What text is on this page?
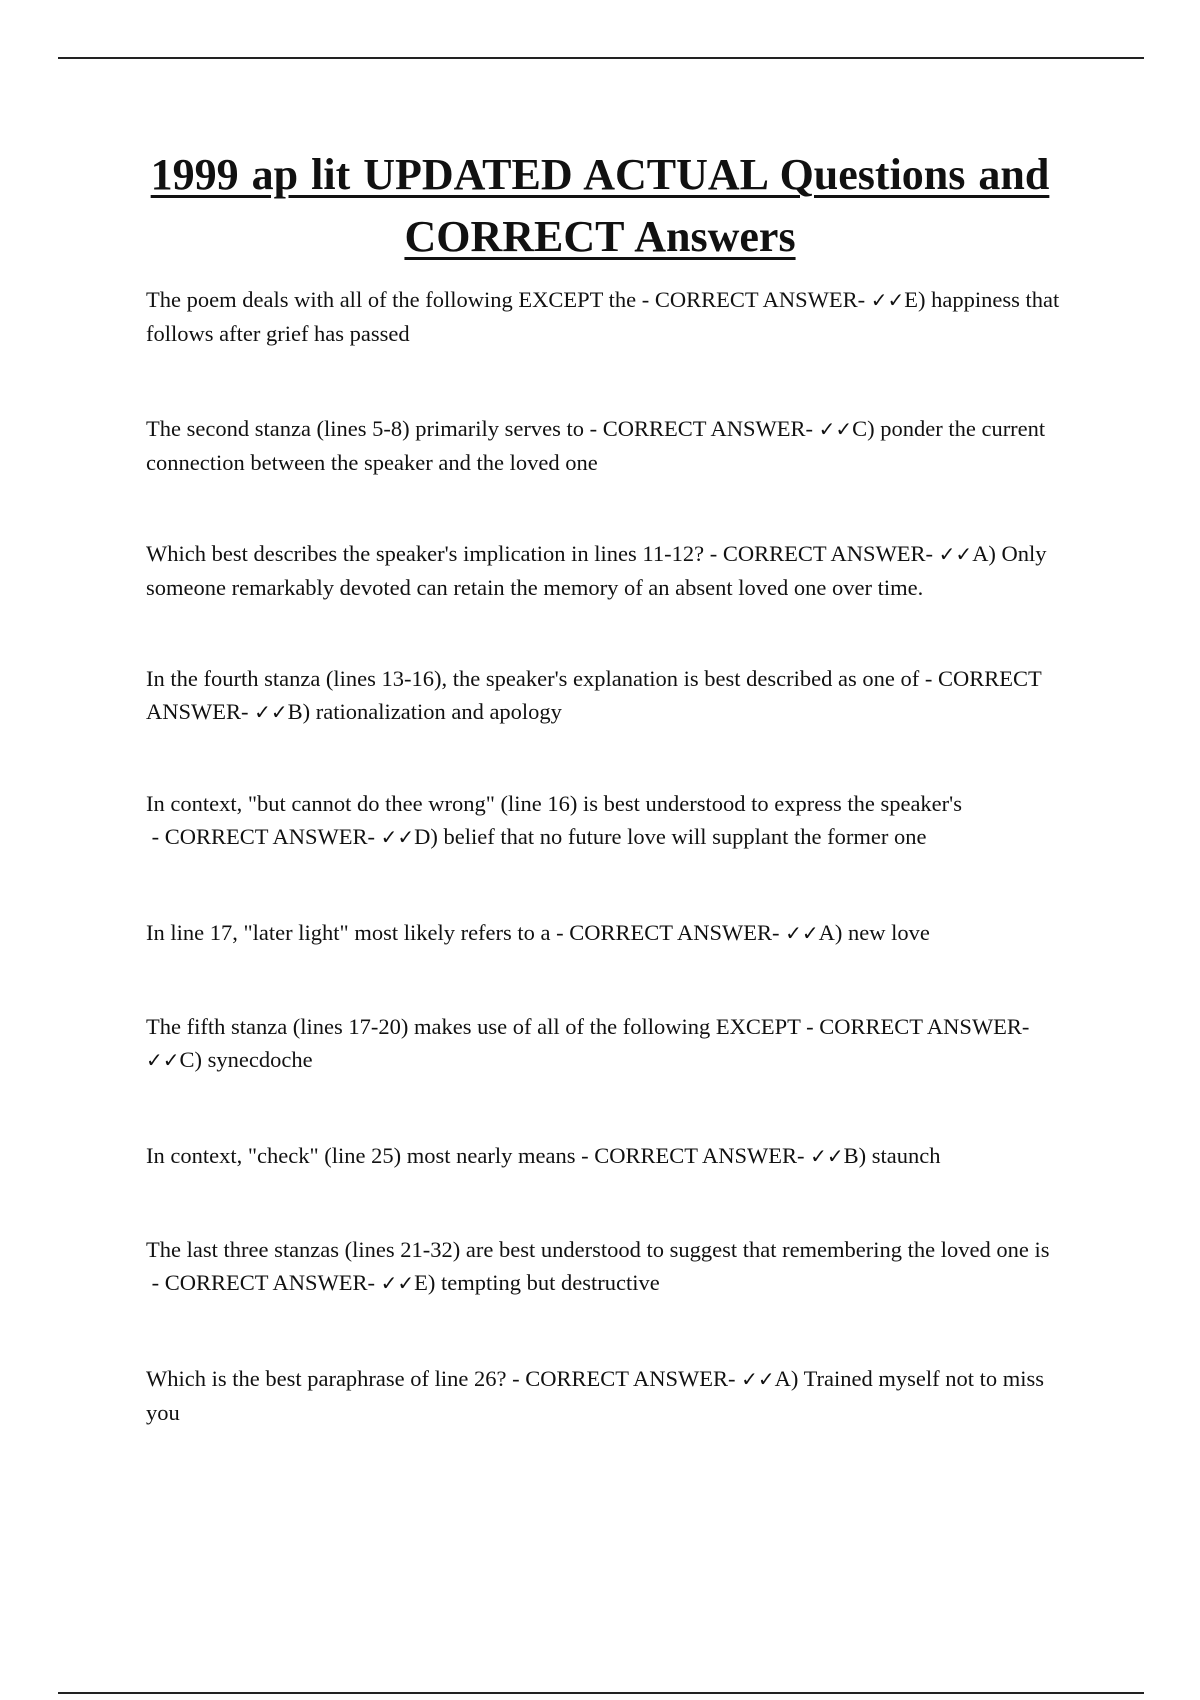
1999 ap lit UPDATED ACTUAL Questions and CORRECT Answers

The poem deals with all of the following EXCEPT the - CORRECT ANSWER- ✓✓E) happiness that follows after grief has passed

The second stanza (lines 5-8) primarily serves to - CORRECT ANSWER- ✓✓C) ponder the current connection between the speaker and the loved one

Which best describes the speaker's implication in lines 11-12? - CORRECT ANSWER- ✓✓A) Only someone remarkably devoted can retain the memory of an absent loved one over time.

In the fourth stanza (lines 13-16), the speaker's explanation is best described as one of - CORRECT ANSWER- ✓✓B) rationalization and apology

In context, "but cannot do thee wrong" (line 16) is best understood to express the speaker's - CORRECT ANSWER- ✓✓D) belief that no future love will supplant the former one

In line 17, "later light" most likely refers to a - CORRECT ANSWER- ✓✓A) new love

The fifth stanza (lines 17-20) makes use of all of the following EXCEPT - CORRECT ANSWER- ✓✓C) synecdoche

In context, "check" (line 25) most nearly means - CORRECT ANSWER- ✓✓B) staunch

The last three stanzas (lines 21-32) are best understood to suggest that remembering the loved one is - CORRECT ANSWER- ✓✓E) tempting but destructive

Which is the best paraphrase of line 26? - CORRECT ANSWER- ✓✓A) Trained myself not to miss you
